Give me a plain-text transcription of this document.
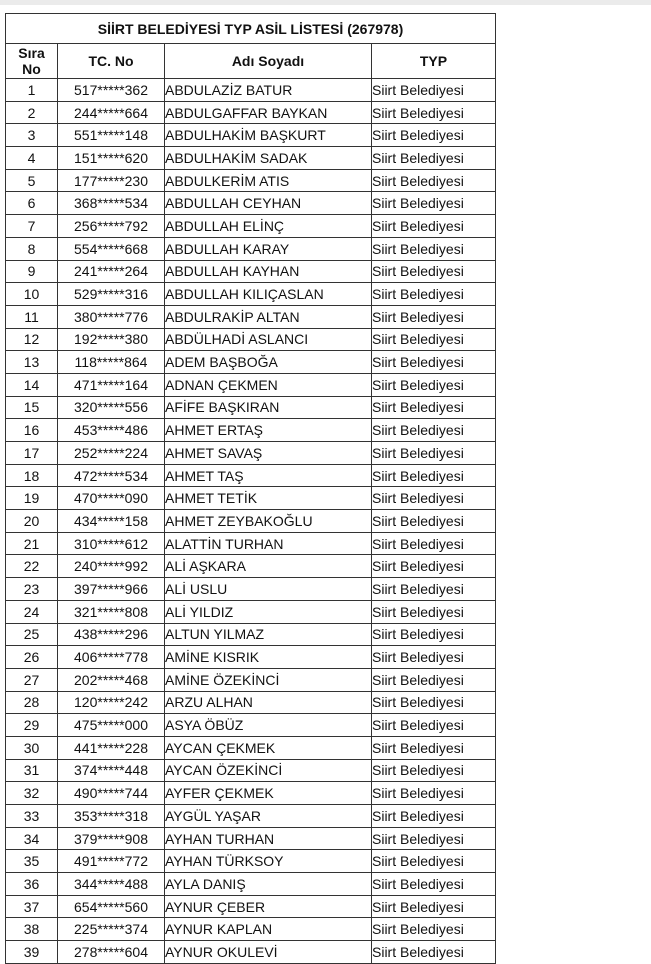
SİİRT BELEDİYESİ TYP ASİL LİSTESİ (267978)			
Sıra
No	TC. No	Adı Soyadı	TYP
1	517*****362	ABDULAZİZ BATUR	Siirt Belediyesi
2	244*****664	ABDULGAFFAR BAYKAN	Siirt Belediyesi
3	551*****148	ABDULHAKİM BAŞKURT	Siirt Belediyesi
4	151*****620	ABDULHAKİM SADAK	Siirt Belediyesi
5	177*****230	ABDULKERİM ATIS	Siirt Belediyesi
6	368*****534	ABDULLAH CEYHAN	Siirt Belediyesi
7	256*****792	ABDULLAH ELİNÇ	Siirt Belediyesi
8	554*****668	ABDULLAH KARAY	Siirt Belediyesi
9	241*****264	ABDULLAH KAYHAN	Siirt Belediyesi
10	529*****316	ABDULLAH KILIÇASLAN	Siirt Belediyesi
11	380*****776	ABDULRAKİP ALTAN	Siirt Belediyesi
12	192*****380	ABDÜLHADİ ASLANCI	Siirt Belediyesi
13	118*****864	ADEM BAŞBOĞA	Siirt Belediyesi
14	471*****164	ADNAN ÇEKMEN	Siirt Belediyesi
15	320*****556	AFİFE BAŞKIRAN	Siirt Belediyesi
16	453*****486	AHMET ERTAŞ	Siirt Belediyesi
17	252*****224	AHMET SAVAŞ	Siirt Belediyesi
18	472*****534	AHMET TAŞ	Siirt Belediyesi
19	470*****090	AHMET TETİK	Siirt Belediyesi
20	434*****158	AHMET ZEYBAKOĞLU	Siirt Belediyesi
21	310*****612	ALATTİN TURHAN	Siirt Belediyesi
22	240*****992	ALİ AŞKARA	Siirt Belediyesi
23	397*****966	ALİ USLU	Siirt Belediyesi
24	321*****808	ALİ YILDIZ	Siirt Belediyesi
25	438*****296	ALTUN YILMAZ	Siirt Belediyesi
26	406*****778	AMİNE KISRIK	Siirt Belediyesi
27	202*****468	AMİNE ÖZEKİNCİ	Siirt Belediyesi
28	120*****242	ARZU ALHAN	Siirt Belediyesi
29	475*****000	ASYA ÖBÜZ	Siirt Belediyesi
30	441*****228	AYCAN ÇEKMEK	Siirt Belediyesi
31	374*****448	AYCAN ÖZEKİNCİ	Siirt Belediyesi
32	490*****744	AYFER ÇEKMEK	Siirt Belediyesi
33	353*****318	AYGÜL YAŞAR	Siirt Belediyesi
34	379*****908	AYHAN TURHAN	Siirt Belediyesi
35	491*****772	AYHAN TÜRKSOY	Siirt Belediyesi
36	344*****488	AYLA DANIŞ	Siirt Belediyesi
37	654*****560	AYNUR ÇEBER	Siirt Belediyesi
38	225*****374	AYNUR KAPLAN	Siirt Belediyesi
39	278*****604	AYNUR OKULEVİ	Siirt Belediyesi
